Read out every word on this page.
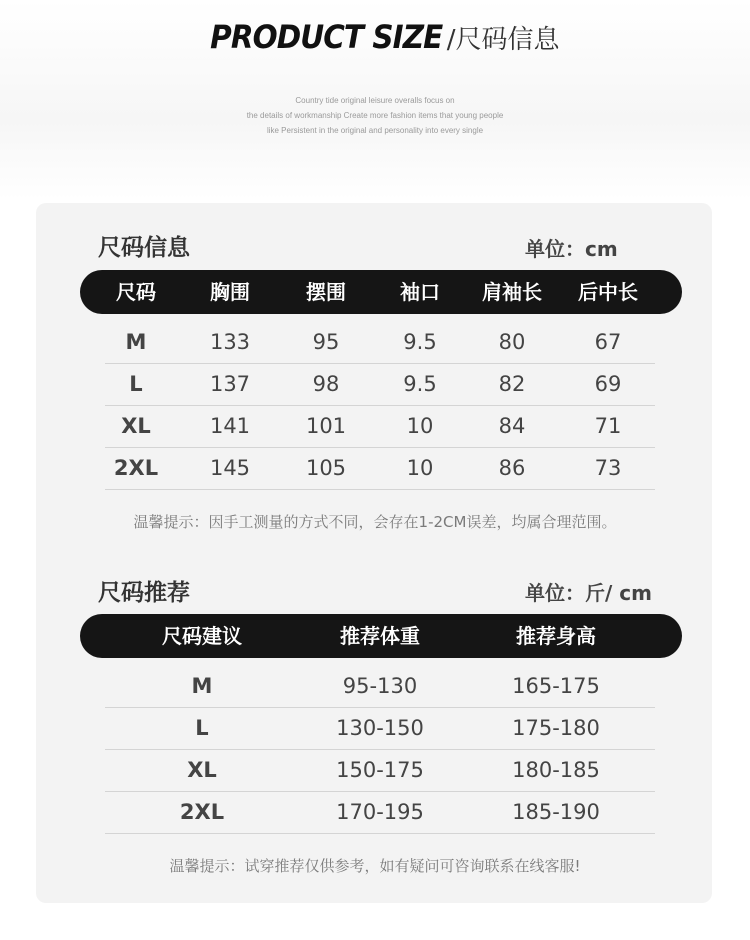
PRODUCT SIZE /尺码信息
Country tide original leisure overalls focus on
the details of workmanship Create more fashion items that young people
like Persistent in the original and personality into every single
尺码信息	单位：cm
尺码	胸围	摆围	袖口 肩袖长 后中长
M	133	95	9.5	80	67
L	137	98	9.5	82	69
XL	141	101	10	84	71
2XL 145	105	10	86	73
温馨提示：因手工测量的方式不同，会存在1-2CM误差，均属合理范围。
尺码推荐	单位：斤/ cm
尺码建议	推荐体重	推荐身高
M	95-130	165-175
L	130-150	175-180
XL	150-175	180-185
2XL	170-195	185-190
温馨提示：试穿推荐仅供参考，如有疑问可咨询联系在线客服!
